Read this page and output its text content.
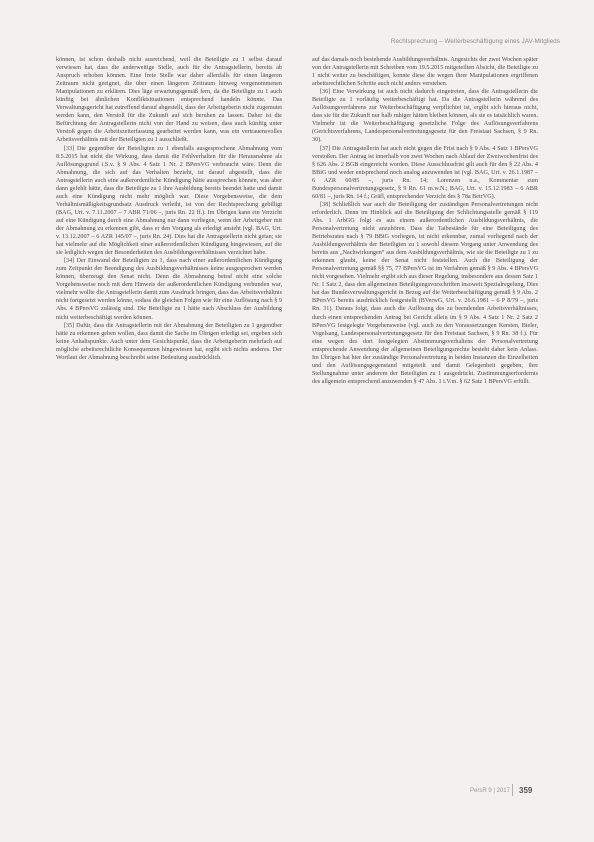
Rechtsprechung – Weiterbeschäftigung eines JAV-Mitglieds

können, ist schon deshalb nicht ausreichend, weil die Beteiligte zu 1 selbst darauf verwiesen hat, dass die anderweitige Stelle, auch für die Antragstellerin, bereits ab Anspruch erhoben können. Eine freie Stelle war daher allenfalls für einen längeren Zeitraum nicht geeignet, die über einen längeren Zeitraum hinweg vorgenommenen Manipulationen zu erklären. Dies läge erwartungsgemäß fern, da die Beteiligte zu 1 auch künftig bei ähnlichen Konfliktsituationen entsprechend handeln könnte. Das Verwaltungsgericht hat zutreffend darauf abgestellt, dass der Arbeitgeberin nicht zugemutet werden kann, den Verstoß für die Zukunft auf sich beruhen zu lassen. Daher ist die Befürchtung der Antragstellerin nicht von der Hand zu weisen, dass auch künftig unter Verstoß gegen die Arbeitszeiterfassung gearbeitet werden kann, was ein vertrauensvolles Arbeitsverhältnis mit der Beteiligten zu 1 ausschließt.

[33] Die gegenüber der Beteiligten zu 1 ebenfalls ausgesprochene Abmahnung vom 8.5.2015 hat nicht die Wirkung, dass damit die Fehlverhalten für die Herausnahme als Auflösungsgrund i.S.v. § 9 Abs. 4 Satz 1 Nr. 2 BPersVG verbraucht wäre. Denn die Abmahnung, die sich auf das Verhalten bezieht, ist darauf abgestellt, dass die Antragstellerin auch eine außerordentliche Kündigung hätte aussprechen können, was aber dann gefehlt hätte, dass die Beteiligte zu 1 ihre Ausbildung bereits beendet hatte und damit auch eine Kündigung nicht mehr möglich war. Diese Vorgehensweise, die dem Verhältnismäßigkeitsgrundsatz Ausdruck verleiht, ist von der Rechtsprechung gebilligt (BAG, Urt. v. 7.11.2007 – 7 ABR 71/06 –, juris Rn. 22 ff.). Im Übrigen kann ein Verzicht auf eine Kündigung durch eine Abmahnung nur dann vorliegen, wenn der Arbeitgeber mit der Abmahnung zu erkennen gibt, dass er den Vorgang als erledigt ansieht (vgl. BAG, Urt. v. 13.12.2007 – 6 AZR 145/07 –, juris Rn. 24). Dies hat die Antragstellerin nicht getan; sie hat vielmehr auf die Möglichkeit einer außerordentlichen Kündigung hingewiesen, auf die sie lediglich wegen der Besonderheiten des Ausbildungsverhältnisses verzichtet habe.

[34] Der Einwand der Beteiligten zu 1, dass nach einer außerordentlichen Kündigung zum Zeitpunkt der Beendigung des Ausbildungsverhältnisses keine ausgesprochen werden können, überzeugt den Senat nicht. Denn die Abmahnung betraf nicht eine solche Vorgehensweise noch mit dem Hinweis der außerordentlichen Kündigung verbunden war, vielmehr wollte die Antragstellerin damit zum Ausdruck bringen, dass das Arbeitsverhältnis nicht fortgesetzt werden könne, sodass die gleichen Folgen wie für eine Auflösung nach § 9 Abs. 4 BPersVG zulässig sind. Die Beteiligte zu 1 hätte nach Abschluss der Ausbildung nicht weiterbeschäftigt werden können.

[35] Dafür, dass die Antragstellerin mit der Abmahnung der Beteiligten zu 1 gegenüber hätte zu erkennen geben wollen, dass damit die Sache im Übrigen erledigt sei, ergeben sich keine Anhaltspunkte. Auch unter dem Gesichtspunkt, dass die Arbeitgeberin mehrfach auf mögliche arbeitsrechtliche Konsequenzen hingewiesen hat, ergibt sich nichts anderes. Der Wortlaut der Abmahnung beschreibt seine Bedeutung ausdrücklich.

auf das damals noch bestehende Ausbildungsverhältnis. Angesichts der zwei Wochen später von der Antragstellerin mit Schreiben vom 19.5.2015 mitgeteilten Absicht, die Beteiligte zu 1 nicht weiter zu beschäftigen, konnte diese die wegen ihrer Manipulationen ergriffenen arbeitsrechtlichen Schritte auch nicht anders verstehen.

[36] Eine Verwirkung ist auch nicht dadurch eingetreten, dass die Antragstellerin die Beteiligte zu 1 vorläufig weiterbeschäftigt hat. Da die Antragstellerin während des Auflösungsverfahrens zur Weiterbeschäftigung verpflichtet ist, ergibt sich hieraus nicht, dass sie für die Zukunft nur halb ruhiger hätten bleiben können, als sie es tatsächlich waren. Vielmehr ist die Weiterbeschäftigung gesetzliche Folge des Auflösungsverfahrens (Gerichtsverfahrens, Landespersonalvertretungsgesetz für den Freistaat Sachsen, § 9 Rn. 30).

[37] Die Antragstellerin hat auch nicht gegen die Frist nach § 9 Abs. 4 Satz 1 BPersVG verstoßen. Der Antrag ist innerhalb von zwei Wochen nach Ablauf der Zweiwochenfrist des § 626 Abs. 2 BGB eingereicht worden. Diese Ausschlussfrist gilt auch für den § 22 Abs. 4 BBiG und weder entsprechend noch analog anzuwenden ist (vgl. BAG, Urt. v. 26.1.1987 – 6 AZR 60/85 –, juris Rn. 14; Lorenzen u.a., Kommentar zum Bundespersonalvertretungsgesetz, § 9 Rn. 61 m.w.N.; BAG, Urt. v. 15.12.1983 – 6 ABR 60/81 –, juris Rn. 14 f.; Gräfl, entsprechender Verzicht des § 78a BetrVG).

[38] Schließlich war auch die Beteiligung der zuständigen Personalvertretungen nicht erforderlich. Denn im Hinblick auf die Beteiligung der Schlichtungsstelle gemäß § 119 Abs. 1 ArbGG folgt es aus einem außerordentlichen Ausbildungsverhältnis, die Personalvertretung nicht anzuhören. Dass die Tatbestände für eine Beteiligung des Betriebsrates nach § 79 BBiG vorliegen, ist nicht erkennbar, zumal vorliegend nach der Ausbildungsverhältnis der Beteiligten zu 1 sowohl diesem Vorgang unter Anwendung des bereits aus „Nachwirkungen“ aus dem Ausbildungsverhältnis, wie sie die Beteiligte zu 1 zu erkennen glaubt, keine der Senat nicht feststellen. Auch die Beteiligung der Personalvertretung gemäß §§ 75, 77 BPersVG ist im Verfahren gemäß § 9 Abs. 4 BPersVG nicht vorgesehen. Vielmehr ergibt sich aus dieser Regelung, insbesondere aus dessen Satz 1 Nr. 1 Satz 2, dass den allgemeinen Beteiligungsvorschriften insoweit Spezialregelung, Dies hat das Bundesverwaltungsgericht in Bezug auf die Weiterbeschäftigung gemäß § 9 Abs. 2 BPersVG bereits ausdrücklich festgestellt (BVerwG, Urt. v. 26.6.1981 – 6 P 8/79 –, juris Rn. 31). Daraus folgt, dass auch die Auflösung des zu beendenden Arbeitsverhältnisses, durch einen entsprechenden Antrag bei Gericht allein im § 9 Abs. 4 Satz 1 Nr. 2 Satz 2 BPersVG festgelegte Vorgehensweise (vgl. auch zu den Voraussetzungen Kersten, Bieler, Vogelsang, Landespersonalvertretungsgesetz für den Freistaat Sachsen, § 9 Rn. 38 f.). Für eine wegen des dort festgelegten Abstimmungsverhaltens der Personalvertretung entsprechende Anwendung der allgemeinen Beteiligungsrechte besteht daher kein Anlass. Im Übrigen hat hier der zuständige Personalvertretung in beiden Instanzen die Einzelheiten und den Auflösungsgegenstand mitgeteilt und damit Gelegenheit gegeben, ihre Stellungnahme unter anderem der Beteiligten zu 1 ausgedrückt. Zustimmungserfordernis des allgemein entsprechend anzuwenden § 47 Abs. 1 i.V.m. § 62 Satz 1 BPersVG erfüllt.

PersR 9 | 2017 359
